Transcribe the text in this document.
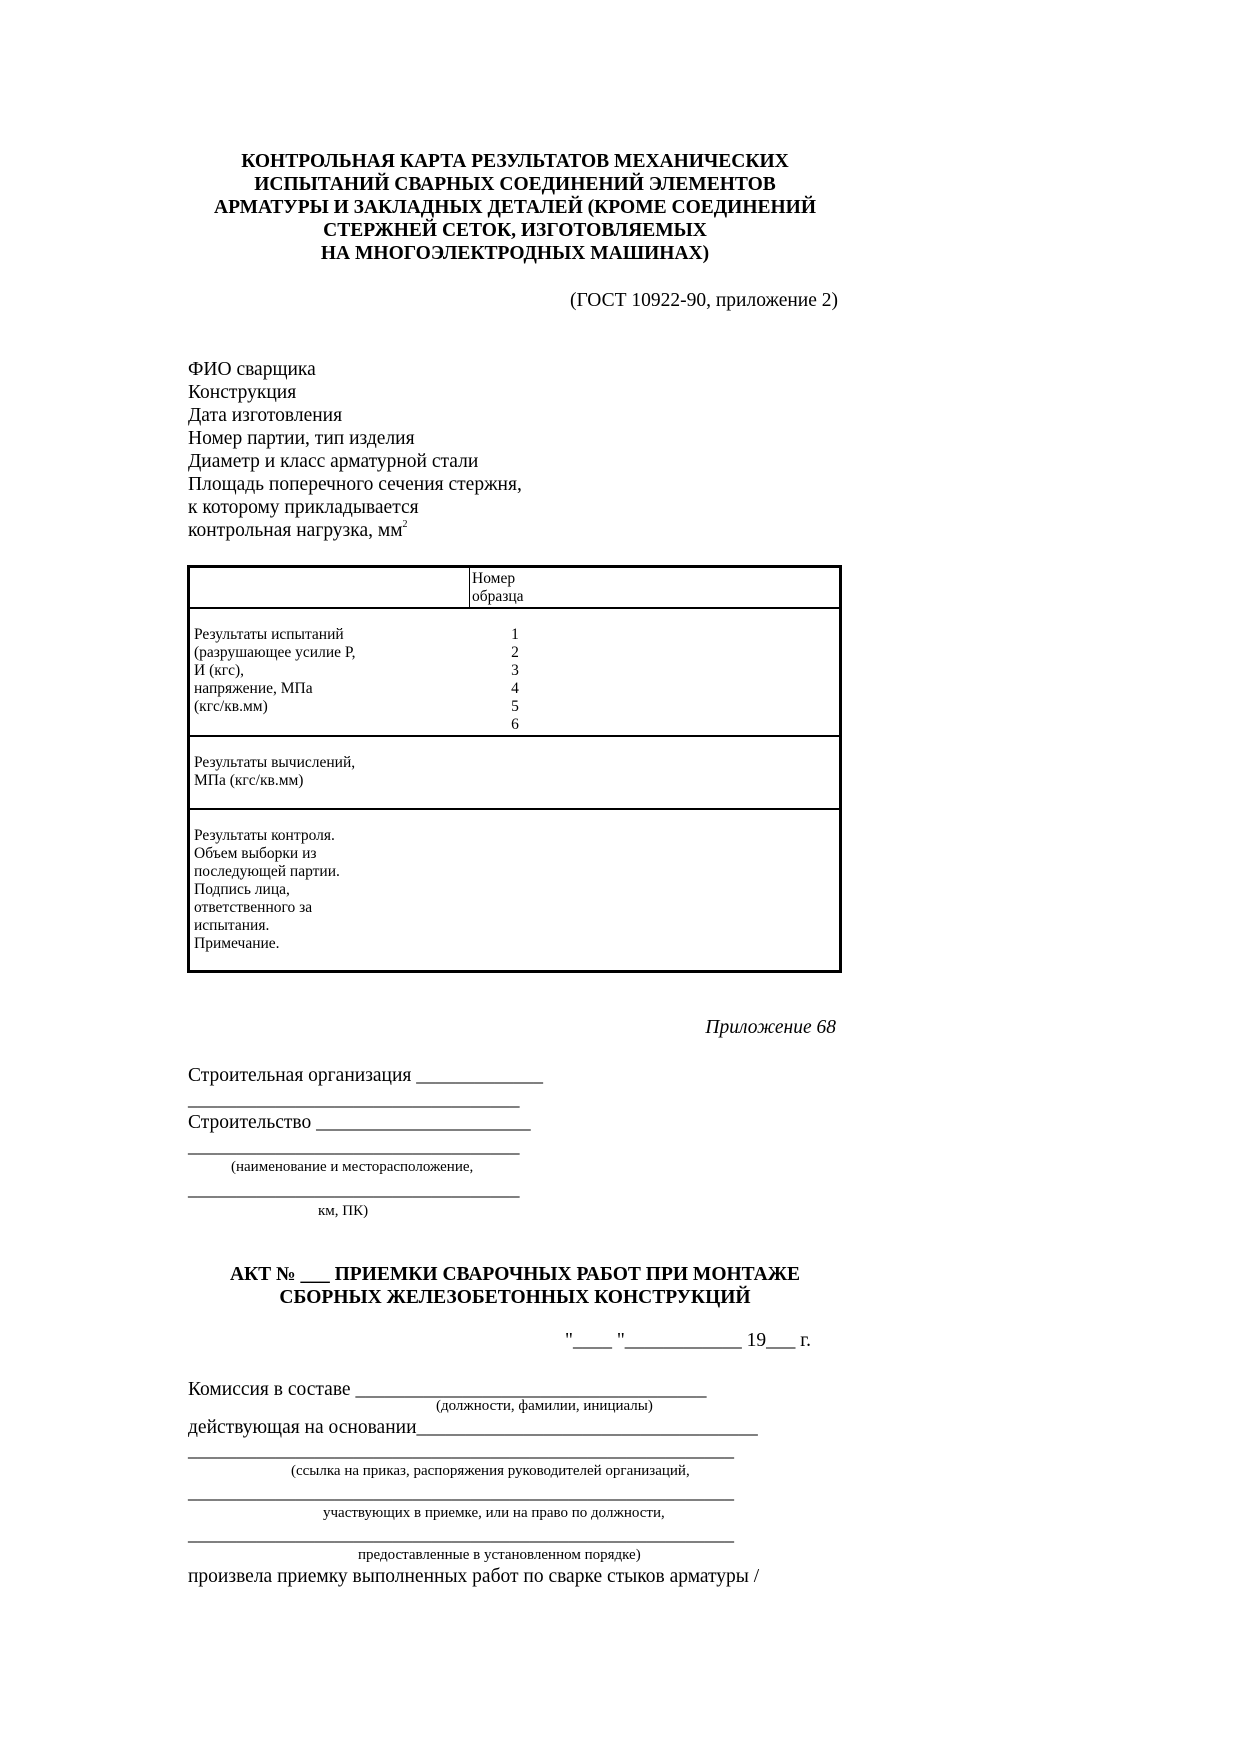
КОНТРОЛЬНАЯ КАРТА РЕЗУЛЬТАТОВ МЕХАНИЧЕСКИХ
ИСПЫТАНИЙ СВАРНЫХ СОЕДИНЕНИЙ ЭЛЕМЕНТОВ
АРМАТУРЫ И ЗАКЛАДНЫХ ДЕТАЛЕЙ (КРОМЕ СОЕДИНЕНИЙ
СТЕРЖНЕЙ СЕТОК, ИЗГОТОВЛЯЕМЫХ
НА МНОГОЭЛЕКТРОДНЫХ МАШИНАХ)
(ГОСТ 10922-90, приложение 2)
ФИО сварщика
Конструкция
Дата изготовления
Номер партии, тип изделия
Диаметр и класс арматурной стали
Площадь поперечного сечения стержня,
к которому прикладывается
контрольная нагрузка, $мм^2$
Номер
образца
Результаты испытаний
(разрушающее усилие Р,
И (кгс),
напряжение, МПа
(кгс/кв.мм)
1
2
3
4
5
6
Результаты вычислений,
МПа (кгс/кв.мм)
Результаты контроля.
Объем выборки из
последующей партии.
Подпись лица,
ответственного за
испытания.
Примечание.
Приложение 68
Строительная организация _____________
__________________________________
Строительство ______________________
__________________________________
(наименование и месторасположение,
__________________________________
км, ПК)
АКТ № ___ ПРИЕМКИ СВАРОЧНЫХ РАБОТ ПРИ МОНТАЖЕ
СБОРНЫХ ЖЕЛЕЗОБЕТОННЫХ КОНСТРУКЦИЙ
"____ "____________ 19___ г.
Комиссия в составе ____________________________________
(должности, фамилии, инициалы)
действующая на основании___________________________________
________________________________________________________
(ссылка на приказ, распоряжения руководителей организаций,
________________________________________________________
участвующих в приемке, или на право по должности,
________________________________________________________
предоставленные в установленном порядке)
произвела приемку выполненных работ по сварке стыков арматуры /
